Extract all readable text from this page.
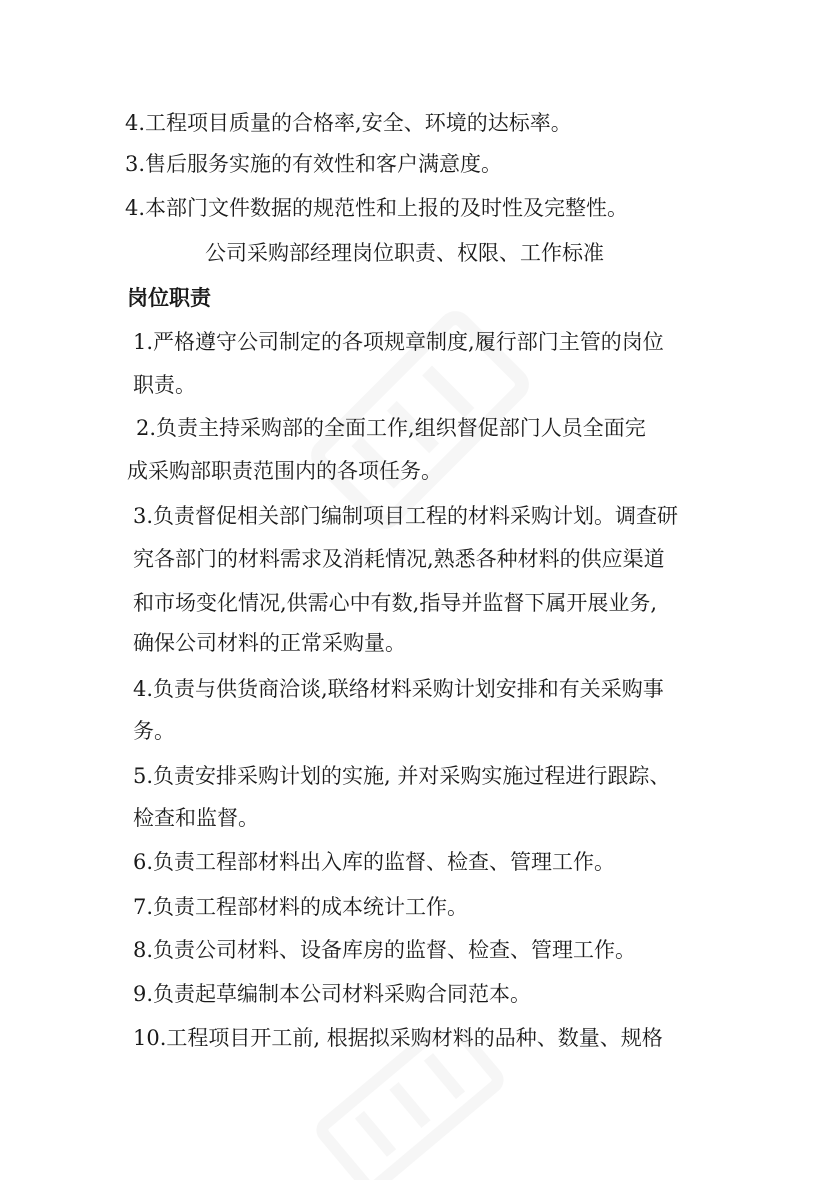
4.工程项目质量的合格率,安全、环境的达标率。
3.售后服务实施的有效性和客户满意度。
4.本部门文件数据的规范性和上报的及时性及完整性。
公司采购部经理岗位职责、权限、工作标准
岗位职责
1.严格遵守公司制定的各项规章制度,履行部门主管的岗位
职责。
2.负责主持采购部的全面工作,组织督促部门人员全面完
成采购部职责范围内的各项任务。
3.负责督促相关部门编制项目工程的材料采购计划。调查研
究各部门的材料需求及消耗情况,熟悉各种材料的供应渠道
和市场变化情况,供需心中有数,指导并监督下属开展业务,
确保公司材料的正常采购量。
4.负责与供货商洽谈,联络材料采购计划安排和有关采购事
务。
5.负责安排采购计划的实施, 并对采购实施过程进行跟踪、
检查和监督。
6.负责工程部材料出入库的监督、检查、管理工作。
7.负责工程部材料的成本统计工作。
8.负责公司材料、设备库房的监督、检查、管理工作。
9.负责起草编制本公司材料采购合同范本。
10.工程项目开工前, 根据拟采购材料的品种、数量、规格
